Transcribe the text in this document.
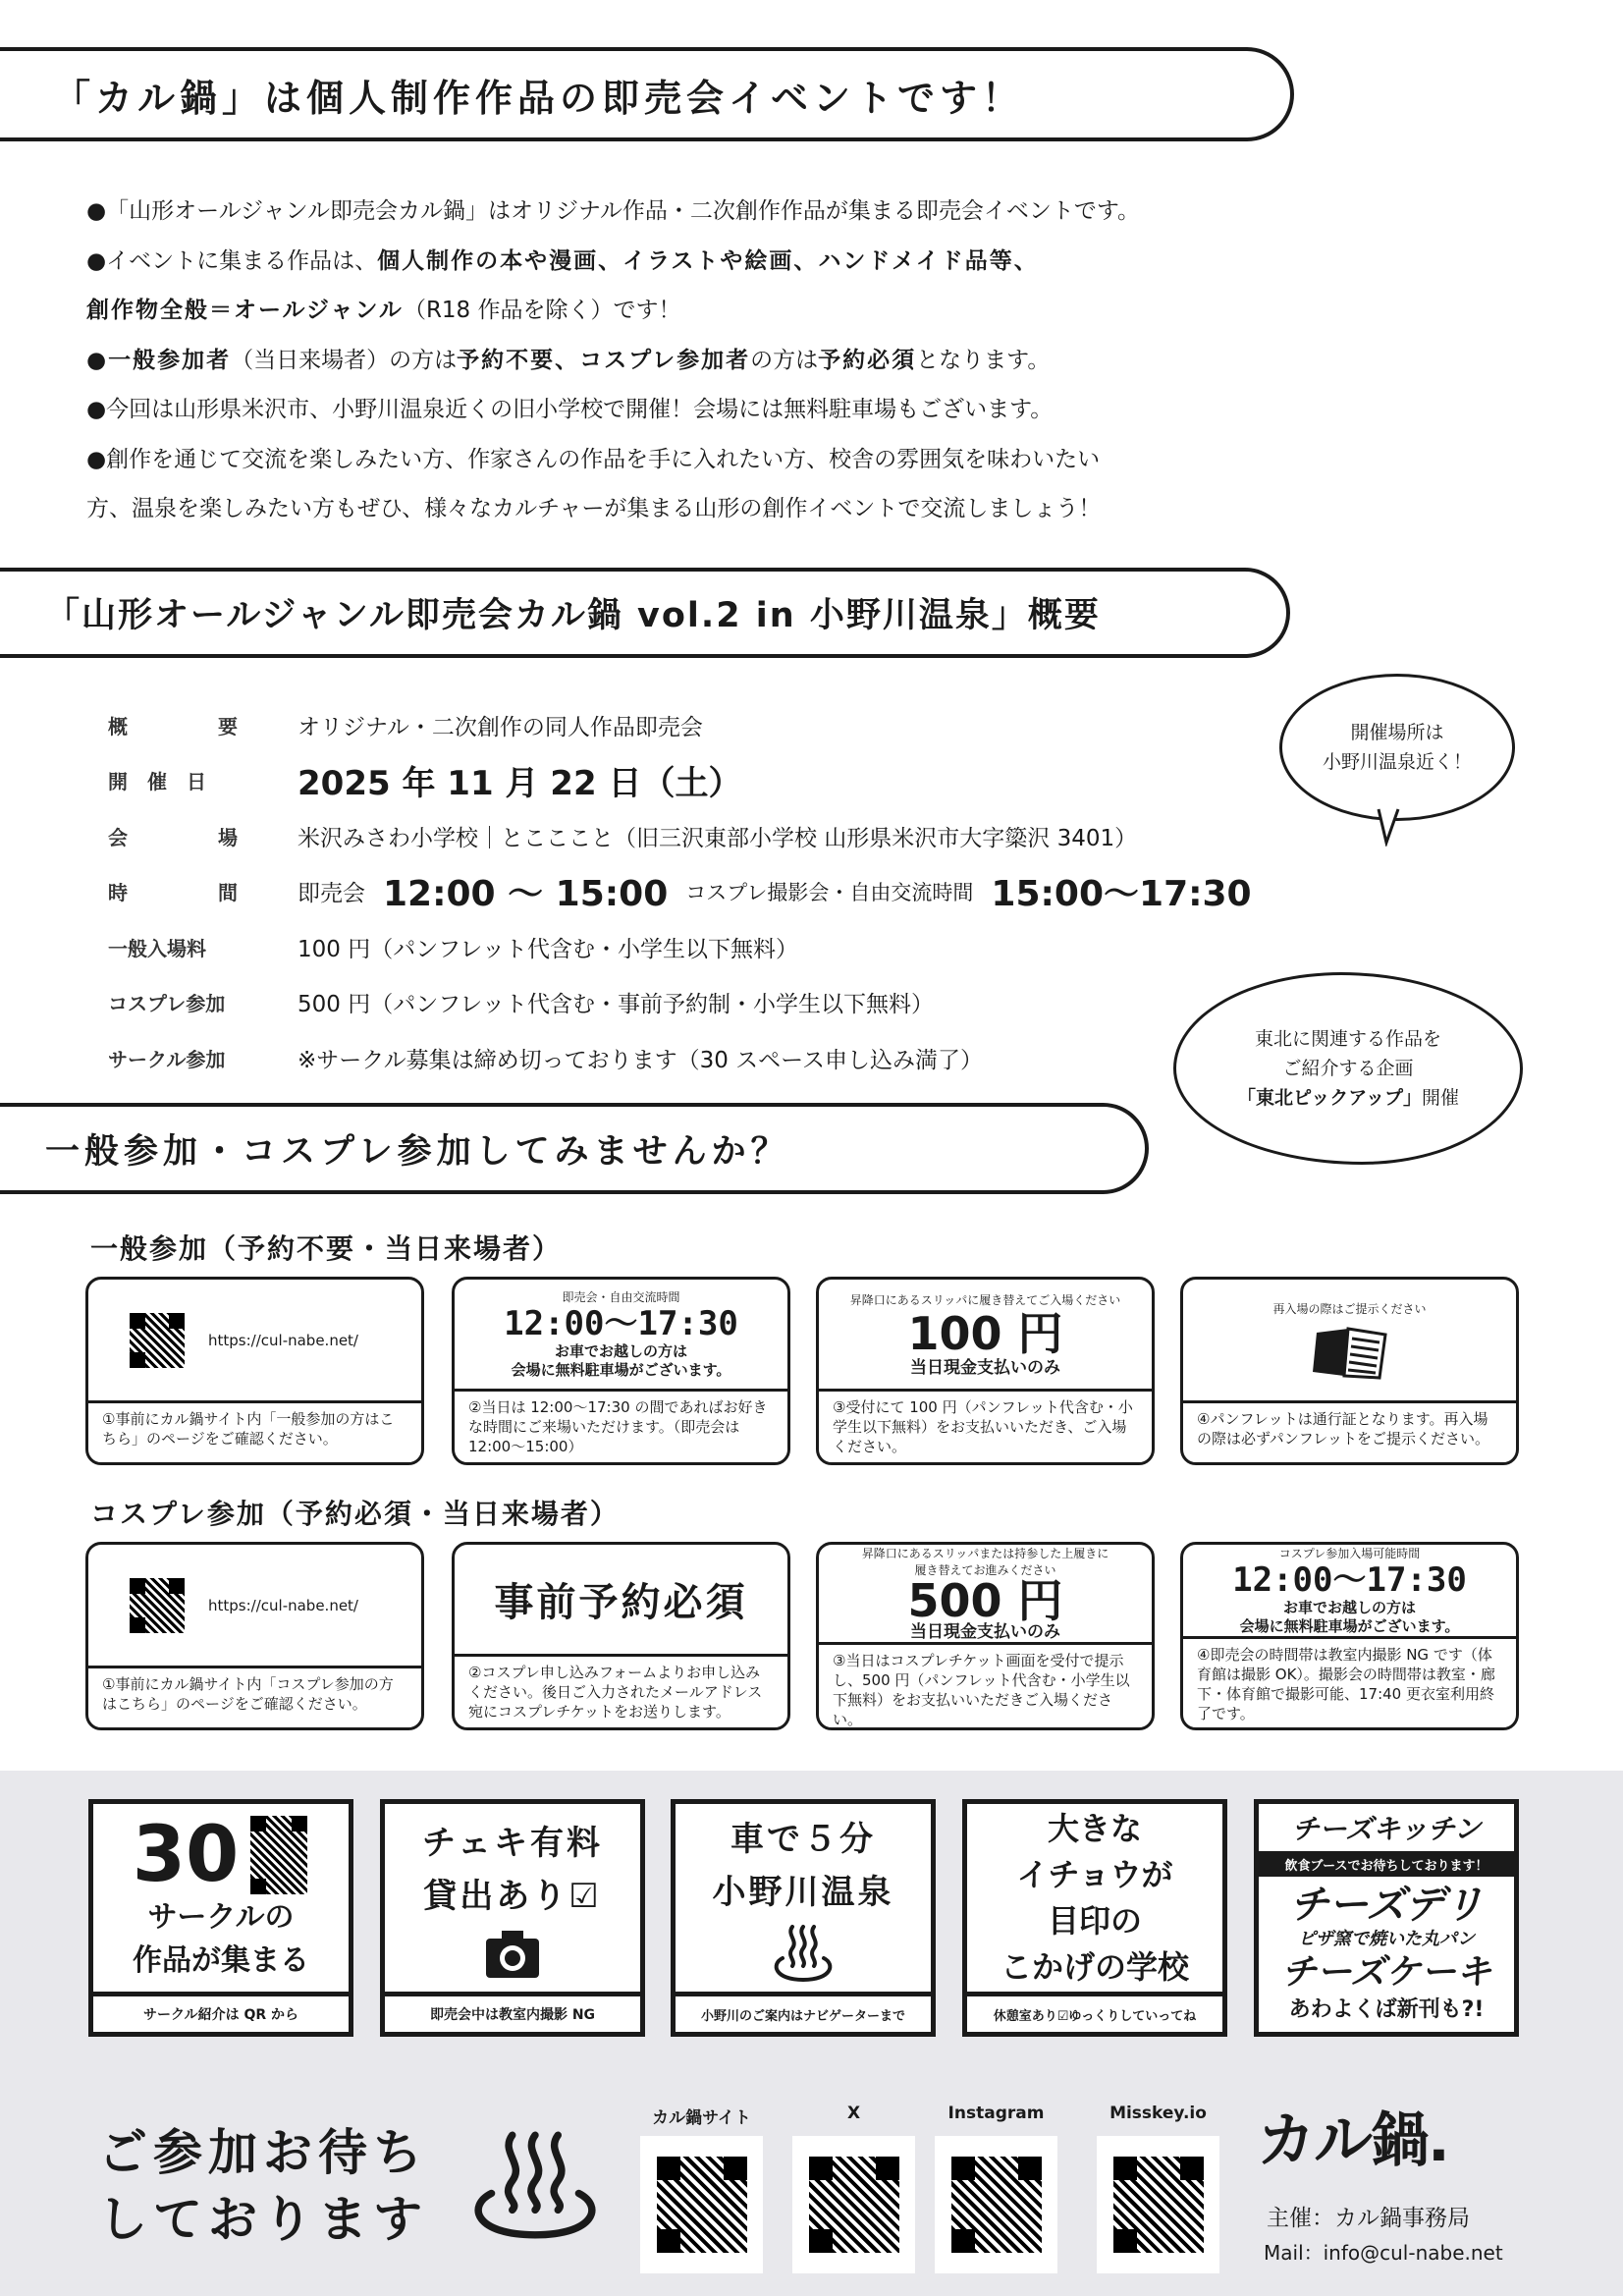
「カル鍋」は個人制作作品の即売会イベントです！

●「山形オールジャンル即売会カル鍋」はオリジナル作品・二次創作作品が集まる即売会イベントです。

●イベントに集まる作品は、個人制作の本や漫画、イラストや絵画、ハンドメイド品等、

創作物全般＝オールジャンル（R18 作品を除く）です！

●一般参加者（当日来場者）の方は予約不要、コスプレ参加者の方は予約必須となります。

●今回は山形県米沢市、小野川温泉近くの旧小学校で開催！会場には無料駐車場もございます。

●創作を通じて交流を楽しみたい方、作家さんの作品を手に入れたい方、校舎の雰囲気を味わいたい

方、温泉を楽しみたい方もぜひ、様々なカルチャーが集まる山形の創作イベントで交流しましょう！

「山形オールジャンル即売会カル鍋 vol.2 in 小野川温泉」概要
概　要	オリジナル・二次創作の同人作品即売会
開催日	2025 年 11 月 22 日（土）
会　場	米沢みさわ小学校｜とこここと（旧三沢東部小学校 山形県米沢市大字簗沢 3401）
時　間	即売会 12:00 〜 15:00 コスプレ撮影会・自由交流時間 15:00〜17:30
一般入場料	100 円（パンフレット代含む・小学生以下無料）
コスプレ参加	500 円（パンフレット代含む・事前予約制・小学生以下無料）
サークル参加	※サークル募集は締め切っております（30 スペース申し込み満了）
開催場所は
小野川温泉近く！
東北に関連する作品を
ご紹介する企画
「東北ピックアップ」開催
一般参加・コスプレ参加してみませんか？
一般参加（予約不要・当日来場者）
https://cul-nabe.net/
①事前にカル鍋サイト内「一般参加の方はこちら」のページをご確認ください。
即売会・自由交流時間
12:00〜17:30
お車でお越しの方は
会場に無料駐車場がございます。
②当日は 12:00〜17:30 の間であればお好きな時間にご来場いただけます。（即売会は 12:00〜15:00）
昇降口にあるスリッパに履き替えてご入場ください
100 円
当日現金支払いのみ
③受付にて 100 円（パンフレット代含む・小学生以下無料）をお支払いいただき、ご入場ください。
再入場の際はご提示ください
④パンフレットは通行証となります。再入場の際は必ずパンフレットをご提示ください。
コスプレ参加（予約必須・当日来場者）
https://cul-nabe.net/
①事前にカル鍋サイト内「コスプレ参加の方はこちら」のページをご確認ください。
事前予約必須
②コスプレ申し込みフォームよりお申し込みください。後日ご入力されたメールアドレス宛にコスプレチケットをお送りします。
昇降口にあるスリッパまたは持参した上履きに
履き替えてお進みください
500 円
当日現金支払いのみ
③当日はコスプレチケット画面を受付で提示し、500 円（パンフレット代含む・小学生以下無料）をお支払いいただきご入場ください。
コスプレ参加入場可能時間
12:00〜17:30
お車でお越しの方は
会場に無料駐車場がございます。
④即売会の時間帯は教室内撮影 NG です（体育館は撮影 OK）。撮影会の時間帯は教室・廊下・体育館で撮影可能、17:40 更衣室利用終了です。
30
サークルの
作品が集まる
サークル紹介は QR から
チェキ有料
貸出あり☑
即売会中は教室内撮影 NG
車で５分
小野川温泉
小野川のご案内はナビゲーターまで
大きな
イチョウが
目印の
こかげの学校
休憩室あり☑ゆっくりしていってね
チーズキッチン
飲食ブースでお待ちしております！
チーズデリ
ピザ窯で焼いた丸パン
チーズケーキ
あわよくば新刊も?!
ご参加お待ち
しております
カル鍋サイト	X	Instagram	Misskey.io カル鍋.
主催：カル鍋事務局
Mail：info@cul-nabe.net
